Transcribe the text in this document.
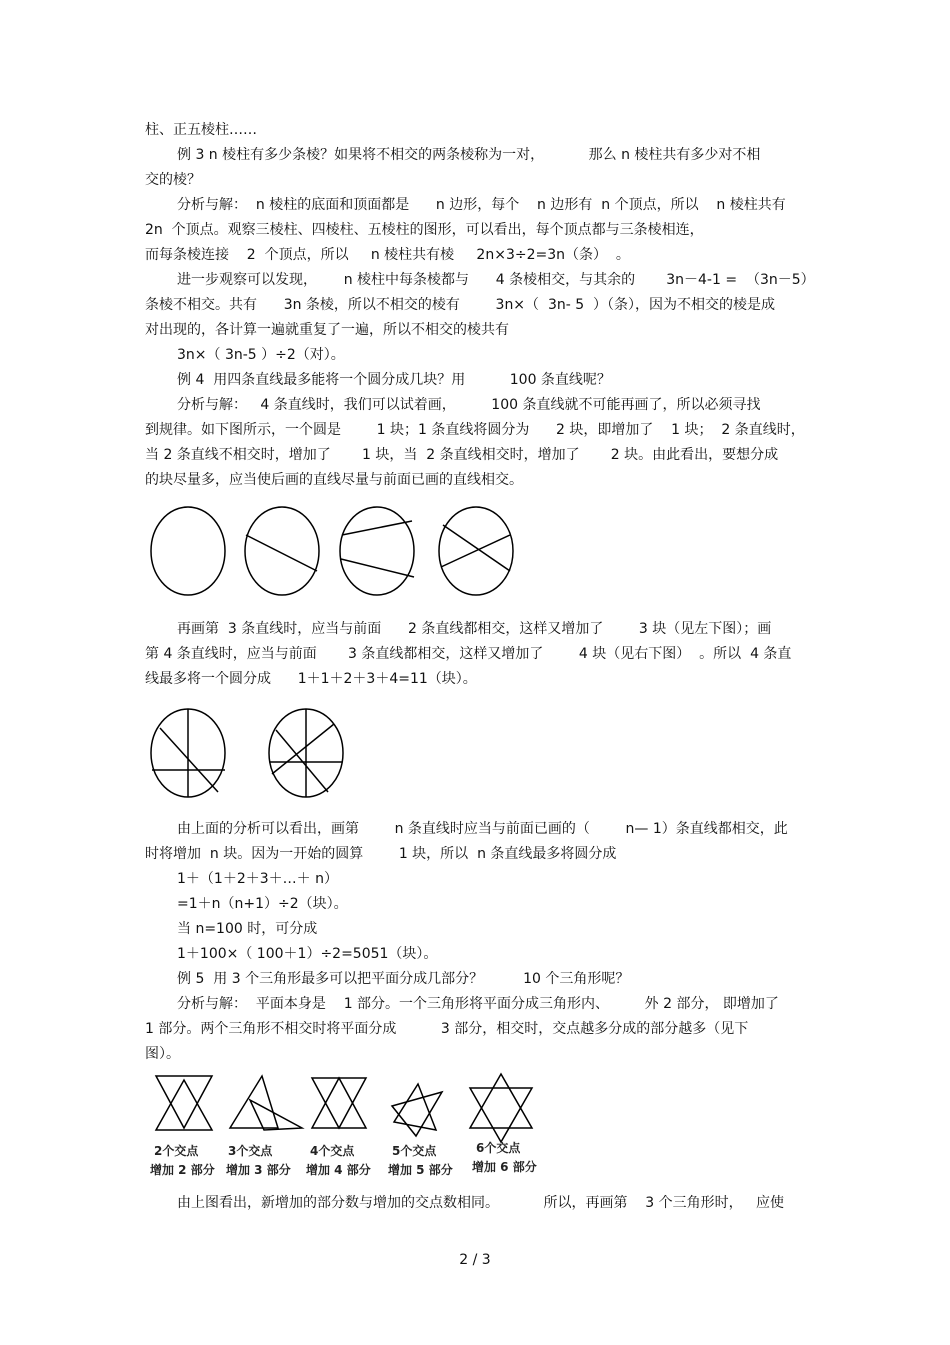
柱、正五棱柱……
例 3 n 棱柱有多少条棱？如果将不相交的两条棱称为一对，          那么 n 棱柱共有多少对不相
交的棱？
分析与解：  n 棱柱的底面和顶面都是      n 边形，每个    n 边形有  n 个顶点，所以    n 棱柱共有
2n  个顶点。观察三棱柱、四棱柱、五棱柱的图形，可以看出，每个顶点都与三条棱相连，
而每条棱连接    2  个顶点，所以     n 棱柱共有棱     2n×3÷2=3n（条）  。
进一步观察可以发现，      n 棱柱中每条棱都与      4 条棱相交，与其余的       3n－4-1 =  （3n－5）
条棱不相交。共有      3n 条棱，所以不相交的棱有        3n×（  3n- 5  ）（条），因为不相交的棱是成
对出现的，各计算一遍就重复了一遍，所以不相交的棱共有
3n×（ 3n-5 ）÷2（对）。
例 4  用四条直线最多能将一个圆分成几块？用          100 条直线呢？
分析与解：   4 条直线时，我们可以试着画，        100 条直线就不可能再画了，所以必须寻找
到规律。如下图所示，一个圆是        1 块；1 条直线将圆分为      2 块，即增加了    1 块；  2 条直线时，
当 2 条直线不相交时，增加了       1 块，当  2 条直线相交时，增加了       2 块。由此看出，要想分成
的块尽量多，应当使后画的直线尽量与前面已画的直线相交。
再画第  3 条直线时，应当与前面      2 条直线都相交，这样又增加了        3 块（见左下图）；画
第 4 条直线时，应当与前面       3 条直线都相交，这样又增加了        4 块（见右下图）  。所以  4 条直
线最多将一个圆分成      1＋1＋2＋3＋4=11（块）。
由上面的分析可以看出，画第        n 条直线时应当与前面已画的（        n— 1）条直线都相交，此
时将增加  n 块。因为一开始的圆算        1 块，所以  n 条直线最多将圆分成
1＋（1＋2＋3＋…＋ n）
=1＋n（n+1）÷2（块）。
当 n=100 时，可分成
1＋100×（ 100＋1）÷2=5051（块）。
例 5  用 3 个三角形最多可以把平面分成几部分？         10 个三角形呢？
分析与解：  平面本身是    1 部分。一个三角形将平面分成三角形内、        外 2 部分， 即增加了
1 部分。两个三角形不相交时将平面分成          3 部分，相交时，交点越多分成的部分越多（见下
图）。
2个交点
增加 2 部分
3个交点
增加 3 部分
4个交点
增加 4 部分
5个交点
增加 5 部分
6个交点
增加 6 部分
由上图看出，新增加的部分数与增加的交点数相同。          所以，再画第    3 个三角形时，   应使
2 / 3
